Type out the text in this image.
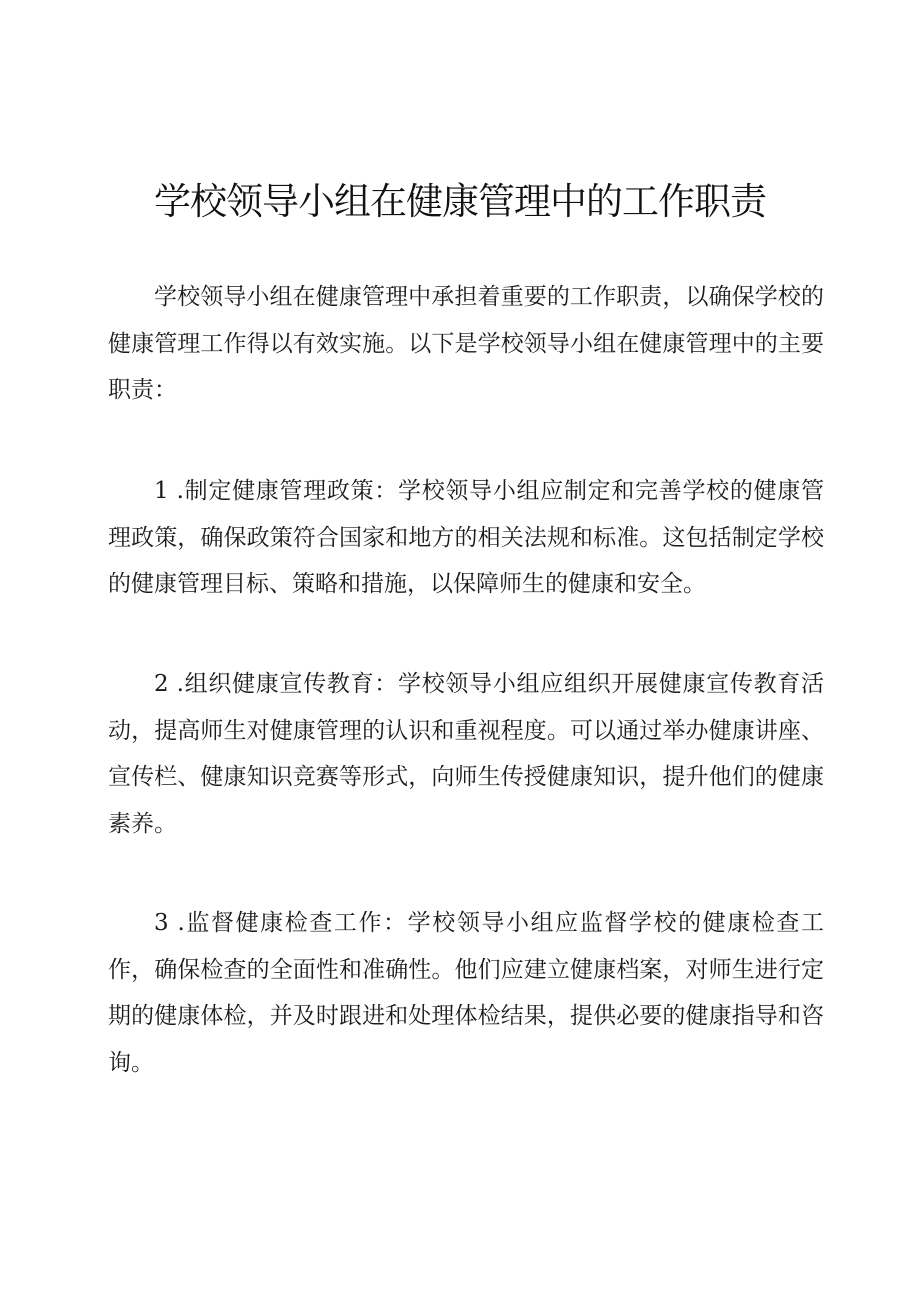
学校领导小组在健康管理中的工作职责

学校领导小组在健康管理中承担着重要的工作职责，以确保学校的健康管理工作得以有效实施。以下是学校领导小组在健康管理中的主要职责：

1 .制定健康管理政策：学校领导小组应制定和完善学校的健康管理政策，确保政策符合国家和地方的相关法规和标准。这包括制定学校的健康管理目标、策略和措施，以保障师生的健康和安全。

2 .组织健康宣传教育：学校领导小组应组织开展健康宣传教育活动，提高师生对健康管理的认识和重视程度。可以通过举办健康讲座、宣传栏、健康知识竞赛等形式，向师生传授健康知识，提升他们的健康素养。

3 .监督健康检查工作：学校领导小组应监督学校的健康检查工作，确保检查的全面性和准确性。他们应建立健康档案，对师生进行定期的健康体检，并及时跟进和处理体检结果，提供必要的健康指导和咨询。
